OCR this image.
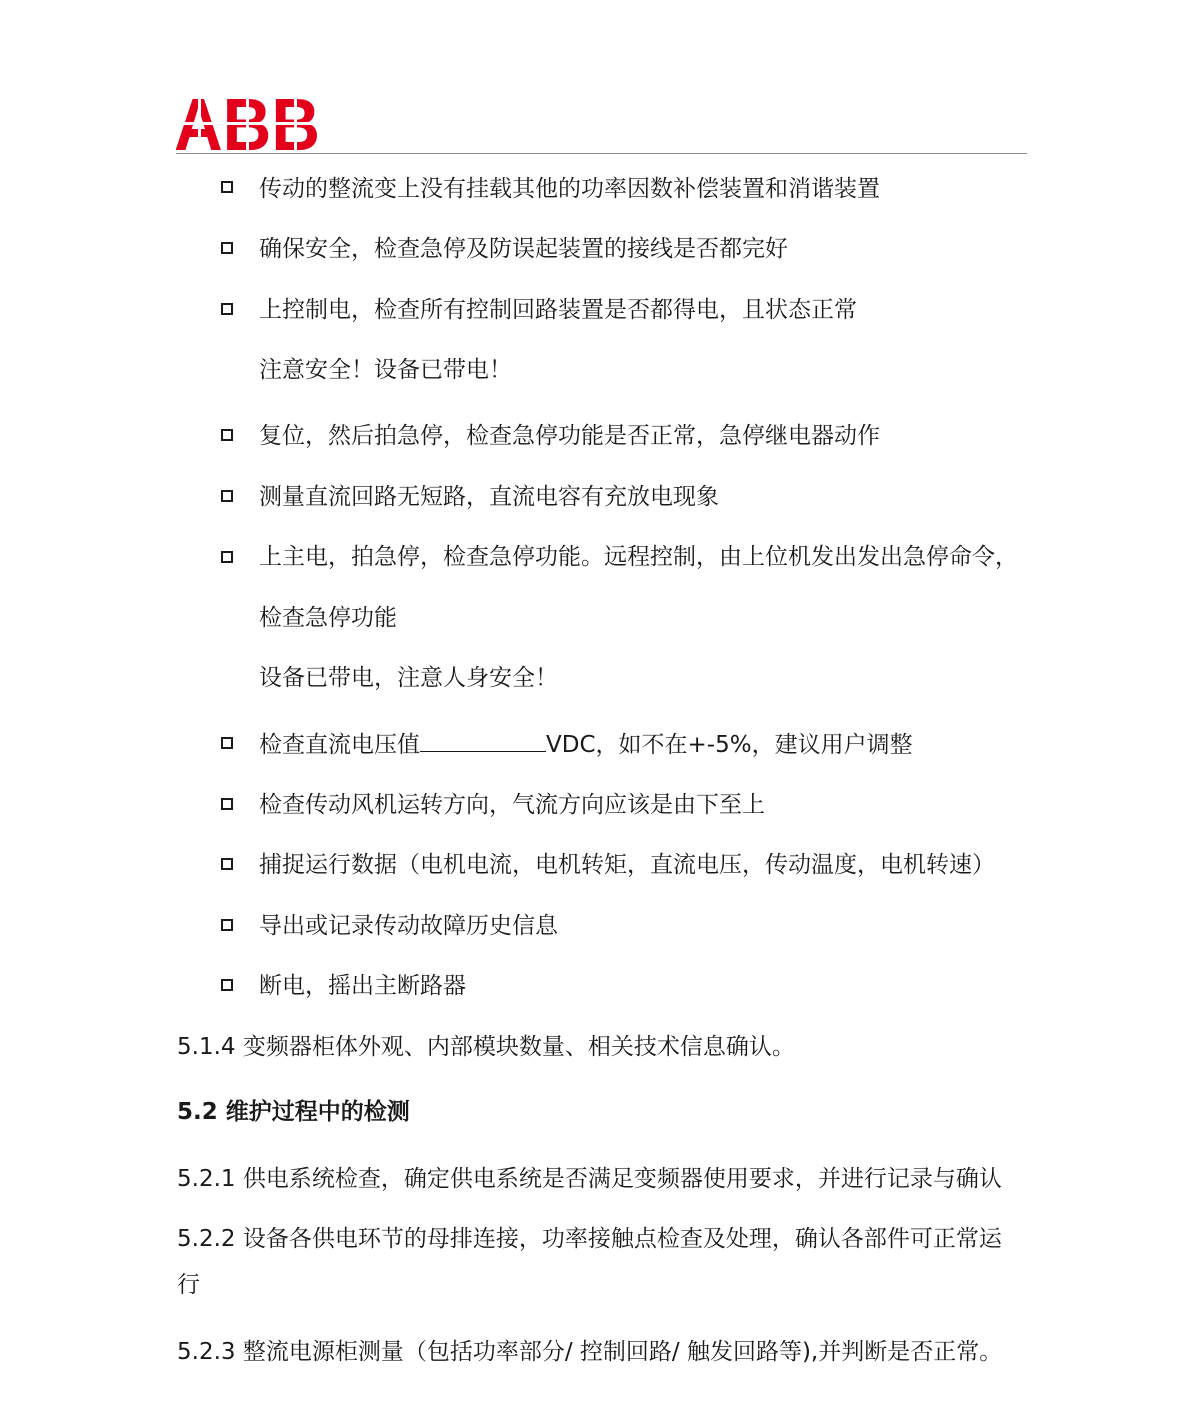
传动的整流变上没有挂载其他的功率因数补偿装置和消谐装置
确保安全，检查急停及防误起装置的接线是否都完好
上控制电，检查所有控制回路装置是否都得电，且状态正常
注意安全！设备已带电！
复位，然后拍急停，检查急停功能是否正常，急停继电器动作
测量直流回路无短路，直流电容有充放电现象
上主电，拍急停，检查急停功能。远程控制，由上位机发出发出急停命令，
检查急停功能
设备已带电，注意人身安全！
检查直流电压值	VDC，如不在+-5%，建议用户调整
检查传动风机运转方向，气流方向应该是由下至上
捕捉运行数据（电机电流，电机转矩，直流电压，传动温度，电机转速）
导出或记录传动故障历史信息
断电，摇出主断路器
5.1.4 变频器柜体外观、内部模块数量、相关技术信息确认。
5.2 维护过程中的检测
5.2.1 供电系统检查，确定供电系统是否满足变频器使用要求，并进行记录与确认
5.2.2 设备各供电环节的母排连接，功率接触点检查及处理，确认各部件可正常运
行
5.2.3 整流电源柜测量（包括功率部分/ 控制回路/ 触发回路等),并判断是否正常。
